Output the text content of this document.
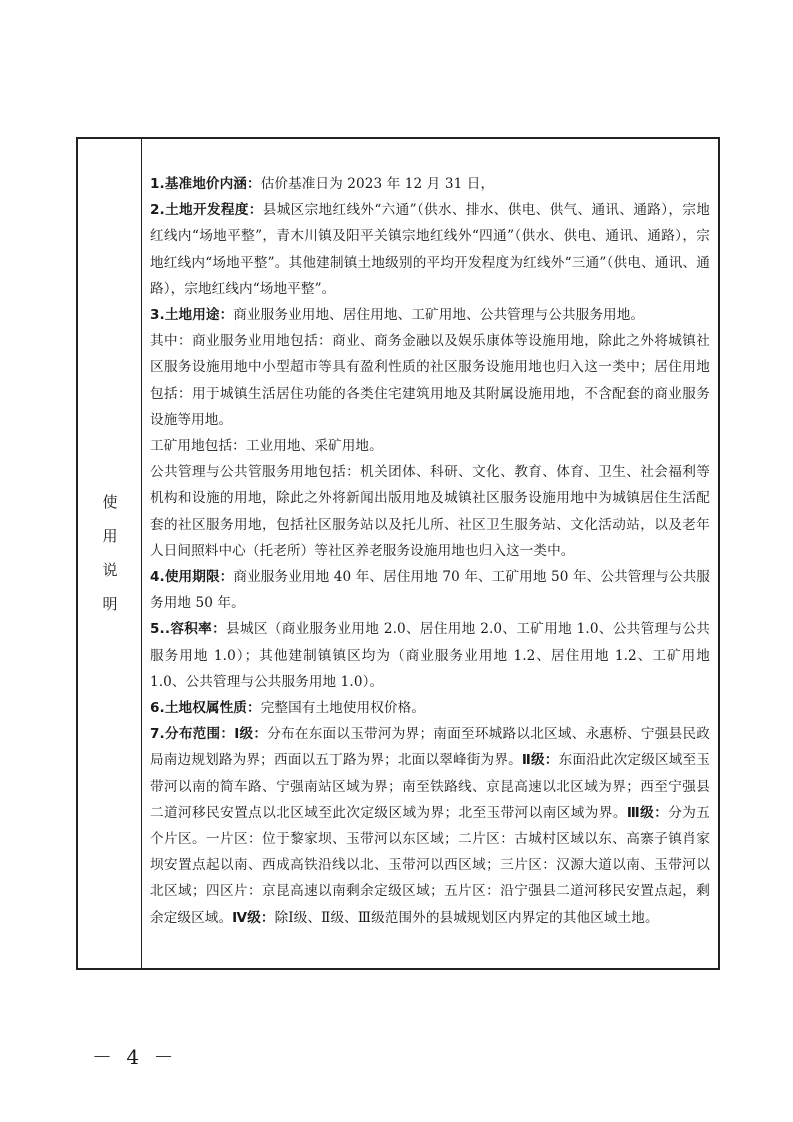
使
用
说
明

1.基准地价内涵：估价基准日为 2023 年 12 月 31 日，

2.土地开发程度：县城区宗地红线外“六通”（供水、排水、供电、供气、通讯、通路），宗地红线内“场地平整”，青木川镇及阳平关镇宗地红线外“四通”（供水、供电、通讯、通路），宗地红线内“场地平整”。其他建制镇土地级别的平均开发程度为红线外“三通”（供电、通讯、通路），宗地红线内“场地平整”。

3.土地用途：商业服务业用地、居住用地、工矿用地、公共管理与公共服务用地。

其中：商业服务业用地包括：商业、商务金融以及娱乐康体等设施用地，除此之外将城镇社区服务设施用地中小型超市等具有盈利性质的社区服务设施用地也归入这一类中；居住用地包括：用于城镇生活居住功能的各类住宅建筑用地及其附属设施用地，不含配套的商业服务设施等用地。

工矿用地包括：工业用地、采矿用地。

公共管理与公共管服务用地包括：机关团体、科研、文化、教育、体育、卫生、社会福利等机构和设施的用地，除此之外将新闻出版用地及城镇社区服务设施用地中为城镇居住生活配套的社区服务用地，包括社区服务站以及托儿所、社区卫生服务站、文化活动站，以及老年人日间照料中心（托老所）等社区养老服务设施用地也归入这一类中。

4.使用期限：商业服务业用地 40 年、居住用地 70 年、工矿用地 50 年、公共管理与公共服务用地 50 年。

5..容积率：县城区（商业服务业用地 2.0、居住用地 2.0、工矿用地 1.0、公共管理与公共服务用地 1.0）；其他建制镇镇区均为（商业服务业用地 1.2、居住用地 1.2、工矿用地 1.0、公共管理与公共服务用地 1.0）。

6.土地权属性质：完整国有土地使用权价格。

7.分布范围：Ⅰ级：分布在东面以玉带河为界；南面至环城路以北区域、永惠桥、宁强县民政局南边规划路为界；西面以五丁路为界；北面以翠峰街为界。Ⅱ级：东面沿此次定级区域至玉带河以南的简车路、宁强南站区域为界；南至铁路线、京昆高速以北区域为界；西至宁强县二道河移民安置点以北区域至此次定级区域为界；北至玉带河以南区域为界。Ⅲ级：分为五个片区。一片区：位于黎家坝、玉带河以东区域；二片区：古城村区域以东、高寨子镇肖家坝安置点起以南、西成高铁沿线以北、玉带河以西区域；三片区：汉源大道以南、玉带河以北区域；四区片：京昆高速以南剩余定级区域；五片区：沿宁强县二道河移民安置点起，剩余定级区域。Ⅳ级：除Ⅰ级、Ⅱ级、Ⅲ级范围外的县城规划区内界定的其他区域土地。

－ 4 －
